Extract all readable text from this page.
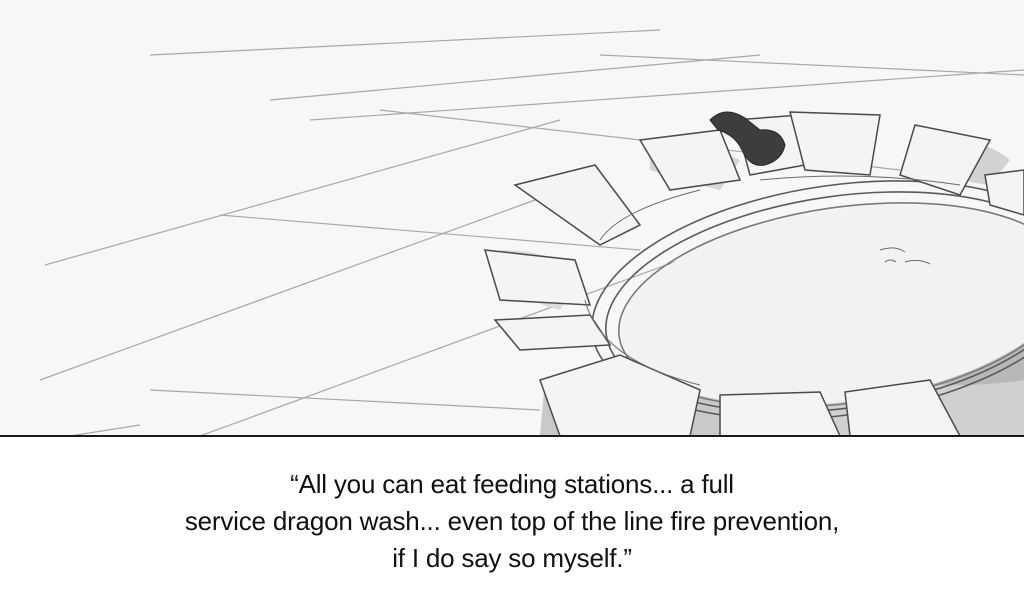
“All you can eat feeding stations... a full
service dragon wash... even top of the line fire prevention,
if I do say so myself.”
